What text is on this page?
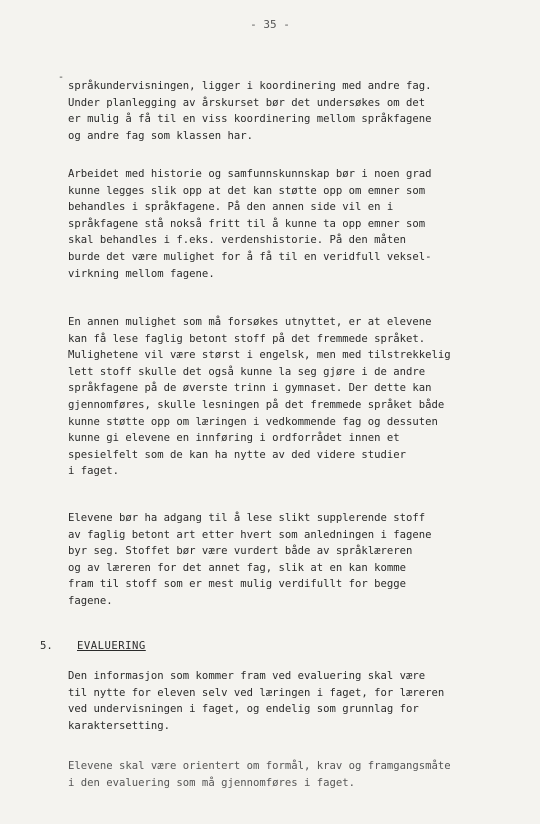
- 35 -
-
språkundervisningen, ligger i koordinering med andre fag.
Under planlegging av årskurset bør det undersøkes om det
er mulig å få til en viss koordinering mellom språkfagene
og andre fag som klassen har.
Arbeidet med historie og samfunnskunnskap bør i noen grad
kunne legges slik opp at det kan støtte opp om emner som
behandles i språkfagene. På den annen side vil en i
språkfagene stå nokså fritt til å kunne ta opp emner som
skal behandles i f.eks. verdenshistorie. På den måten
burde det være mulighet for å få til en veridfull veksel-
virkning mellom fagene.
En annen mulighet som må forsøkes utnyttet, er at elevene
kan få lese faglig betont stoff på det fremmede språket.
Mulighetene vil være størst i engelsk, men med tilstrekkelig
lett stoff skulle det også kunne la seg gjøre i de andre
språkfagene på de øverste trinn i gymnaset. Der dette kan
gjennomføres, skulle lesningen på det fremmede språket både
kunne støtte opp om læringen i vedkommende fag og dessuten
kunne gi elevene en innføring i ordforrådet innen et
spesielfelt som de kan ha nytte av ded videre studier
i faget.
Elevene bør ha adgang til å lese slikt supplerende stoff
av faglig betont art etter hvert som anledningen i fagene
byr seg. Stoffet bør være vurdert både av språklæreren
og av læreren for det annet fag, slik at en kan komme
fram til stoff som er mest mulig verdifullt for begge
fagene.
5. EVALUERING
Den informasjon som kommer fram ved evaluering skal være
til nytte for eleven selv ved læringen i faget, for læreren
ved undervisningen i faget, og endelig som grunnlag for
karaktersetting.
Elevene skal være orientert om formål, krav og framgangsmåte
i den evaluering som må gjennomføres i faget.
